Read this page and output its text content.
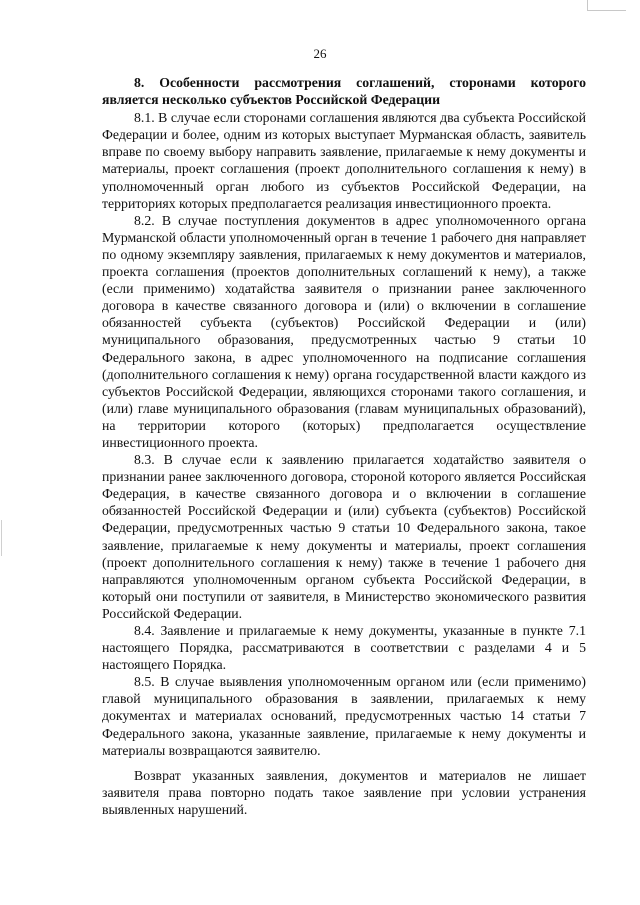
26

8. Особенности рассмотрения соглашений, сторонами которого является несколько субъектов Российской Федерации

8.1. В случае если сторонами соглашения являются два субъекта Российской Федерации и более, одним из которых выступает Мурманская область, заявитель вправе по своему выбору направить заявление, прилагаемые к нему документы и материалы, проект соглашения (проект дополнительного соглашения к нему) в уполномоченный орган любого из субъектов Российской Федерации, на территориях которых предполагается реализация инвестиционного проекта.

8.2. В случае поступления документов в адрес уполномоченного органа Мурманской области уполномоченный орган в течение 1 рабочего дня направляет по одному экземпляру заявления, прилагаемых к нему документов и материалов, проекта соглашения (проектов дополнительных соглашений к нему), а также (если применимо) ходатайства заявителя о признании ранее заключенного договора в качестве связанного договора и (или) о включении в соглашение обязанностей субъекта (субъектов) Российской Федерации и (или) муниципального образования, предусмотренных частью 9 статьи 10 Федерального закона, в адрес уполномоченного на подписание соглашения (дополнительного соглашения к нему) органа государственной власти каждого из субъектов Российской Федерации, являющихся сторонами такого соглашения, и (или) главе муниципального образования (главам муниципальных образований), на территории которого (которых) предполагается осуществление инвестиционного проекта.

8.3. В случае если к заявлению прилагается ходатайство заявителя о признании ранее заключенного договора, стороной которого является Российская Федерация, в качестве связанного договора и о включении в соглашение обязанностей Российской Федерации и (или) субъекта (субъектов) Российской Федерации, предусмотренных частью 9 статьи 10 Федерального закона, такое заявление, прилагаемые к нему документы и материалы, проект соглашения (проект дополнительного соглашения к нему) также в течение 1 рабочего дня направляются уполномоченным органом субъекта Российской Федерации, в который они поступили от заявителя, в Министерство экономического развития Российской Федерации.

8.4. Заявление и прилагаемые к нему документы, указанные в пункте 7.1 настоящего Порядка, рассматриваются в соответствии с разделами 4 и 5 настоящего Порядка.

8.5. В случае выявления уполномоченным органом или (если применимо) главой муниципального образования в заявлении, прилагаемых к нему документах и материалах оснований, предусмотренных частью 14 статьи 7 Федерального закона, указанные заявление, прилагаемые к нему документы и материалы возвращаются заявителю.

Возврат указанных заявления, документов и материалов не лишает заявителя права повторно подать такое заявление при условии устранения выявленных нарушений.
